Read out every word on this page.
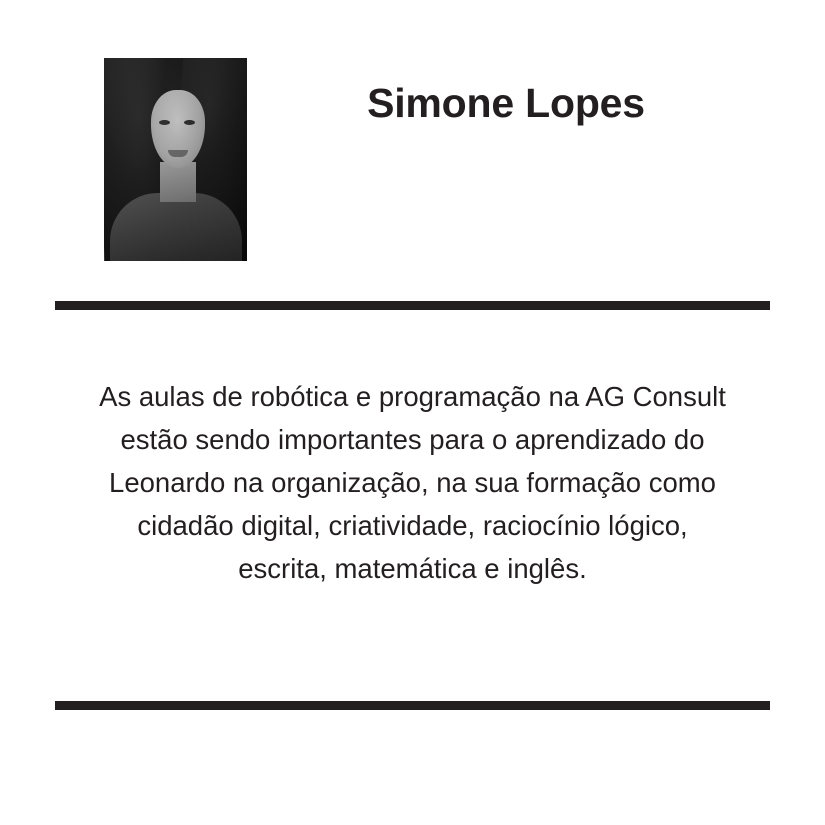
Simone Lopes
As aulas de robótica e programação na AG Consult estão sendo importantes para o aprendizado do Leonardo na organização, na sua formação como cidadão digital, criatividade, raciocínio lógico, escrita, matemática e inglês.
